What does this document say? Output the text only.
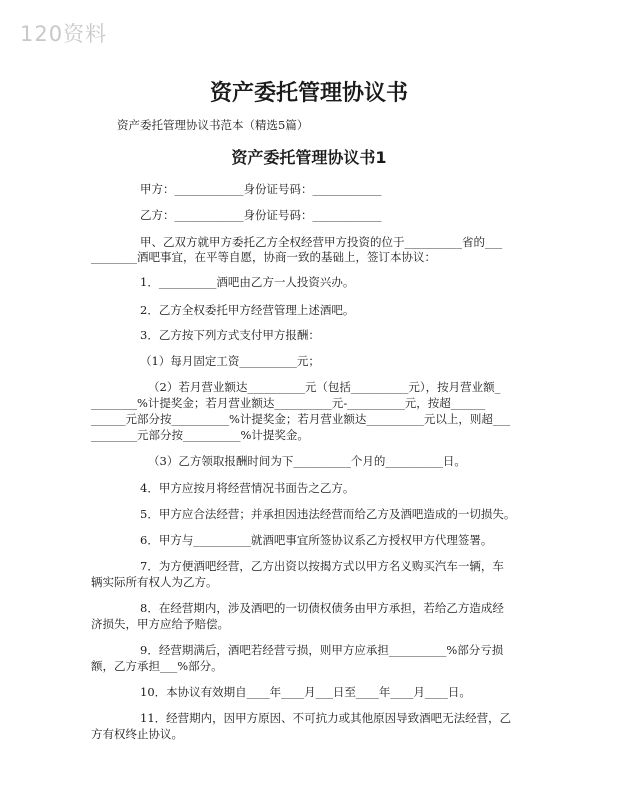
120资料
资产委托管理协议书
资产委托管理协议书范本（精选5篇）
资产委托管理协议书1
甲方：____________身份证号码：____________
乙方：____________身份证号码：____________
甲、乙双方就甲方委托乙方全权经营甲方投资的位于__________省的___
________酒吧事宜，在平等自愿，协商一致的基础上，签订本协议：
1．__________酒吧由乙方一人投资兴办。
2．乙方全权委托甲方经营管理上述酒吧。
3．乙方按下列方式支付甲方报酬：
（1）每月固定工资__________元；
（2）若月营业额达__________元（包括__________元），按月营业额_
________%计提奖金；若月营业额达__________元-__________元，按超______
______元部分按__________%计提奖金；若月营业额达__________元以上，则超___
________元部分按__________%计提奖金。
（3）乙方领取报酬时间为下__________个月的__________日。
4．甲方应按月将经营情况书面告之乙方。
5．甲方应合法经营；并承担因违法经营而给乙方及酒吧造成的一切损失。
6．甲方与__________就酒吧事宜所签协议系乙方授权甲方代理签署。
7．为方便酒吧经营，乙方出资以按揭方式以甲方名义购买汽车一辆，车
辆实际所有权人为乙方。
8．在经营期内，涉及酒吧的一切债权债务由甲方承担，若给乙方造成经
济损失，甲方应给予赔偿。
9．经营期满后，酒吧若经营亏损，则甲方应承担__________%部分亏损
额，乙方承担___%部分。
10．本协议有效期自____年____月___日至____年____月____日。
11．经营期内，因甲方原因、不可抗力或其他原因导致酒吧无法经营，乙
方有权终止协议。
